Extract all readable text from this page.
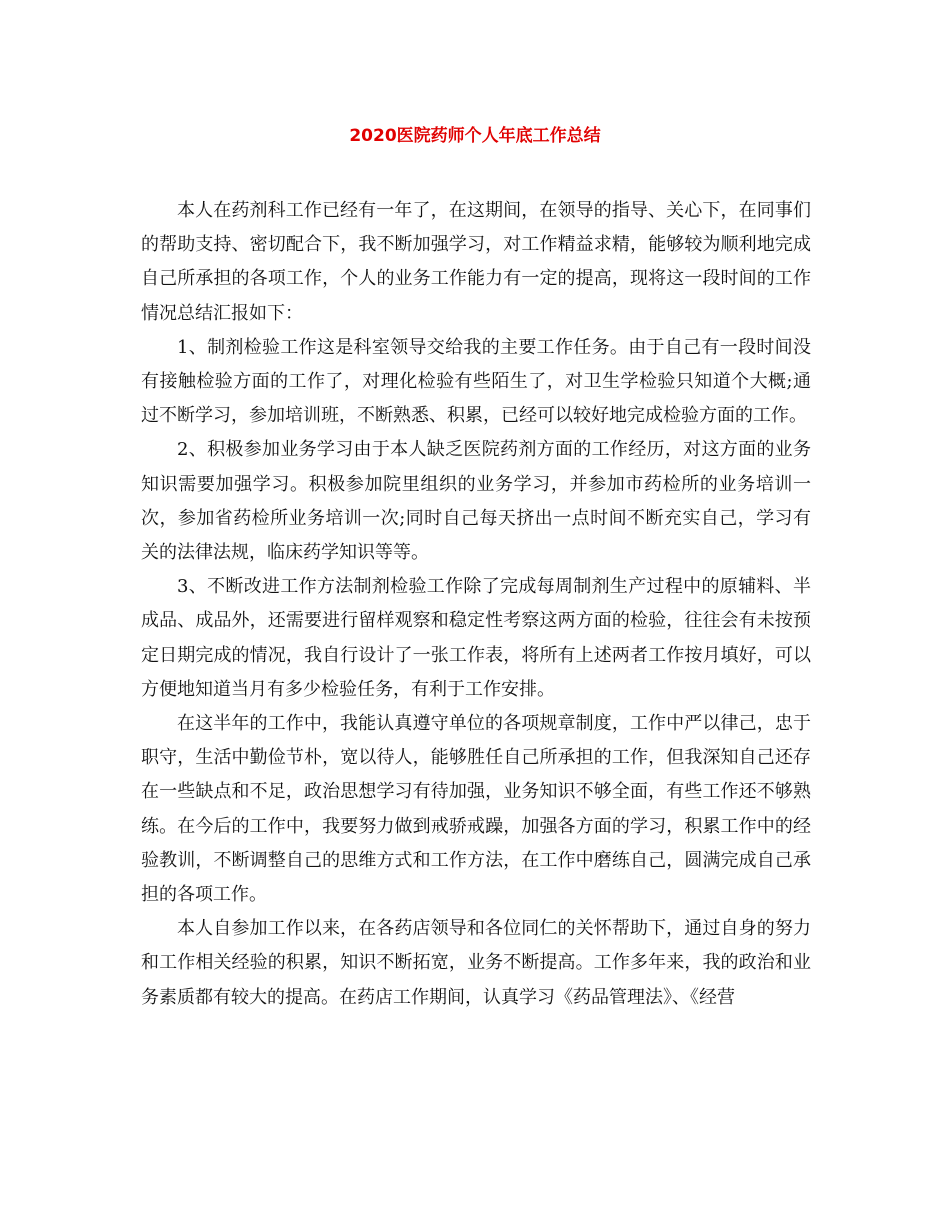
2020医院药师个人年底工作总结

本人在药剂科工作已经有一年了，在这期间，在领导的指导、关心下，在同事们的帮助支持、密切配合下，我不断加强学习，对工作精益求精，能够较为顺利地完成自己所承担的各项工作，个人的业务工作能力有一定的提高，现将这一段时间的工作情况总结汇报如下：

1、制剂检验工作这是科室领导交给我的主要工作任务。由于自己有一段时间没有接触检验方面的工作了，对理化检验有些陌生了，对卫生学检验只知道个大概;通过不断学习，参加培训班，不断熟悉、积累，已经可以较好地完成检验方面的工作。

2、积极参加业务学习由于本人缺乏医院药剂方面的工作经历，对这方面的业务知识需要加强学习。积极参加院里组织的业务学习，并参加市药检所的业务培训一次，参加省药检所业务培训一次;同时自己每天挤出一点时间不断充实自己，学习有关的法律法规，临床药学知识等等。

3、不断改进工作方法制剂检验工作除了完成每周制剂生产过程中的原辅料、半成品、成品外，还需要进行留样观察和稳定性考察这两方面的检验，往往会有未按预定日期完成的情况，我自行设计了一张工作表，将所有上述两者工作按月填好，可以方便地知道当月有多少检验任务，有利于工作安排。

在这半年的工作中，我能认真遵守单位的各项规章制度，工作中严以律己，忠于职守，生活中勤俭节朴，宽以待人，能够胜任自己所承担的工作，但我深知自己还存在一些缺点和不足，政治思想学习有待加强，业务知识不够全面，有些工作还不够熟练。在今后的工作中，我要努力做到戒骄戒躁，加强各方面的学习，积累工作中的经验教训，不断调整自己的思维方式和工作方法，在工作中磨练自己，圆满完成自己承担的各项工作。

本人自参加工作以来，在各药店领导和各位同仁的关怀帮助下，通过自身的努力和工作相关经验的积累，知识不断拓宽，业务不断提高。工作多年来，我的政治和业务素质都有较大的提高。在药店工作期间，认真学习《药品管理法》、《经营
